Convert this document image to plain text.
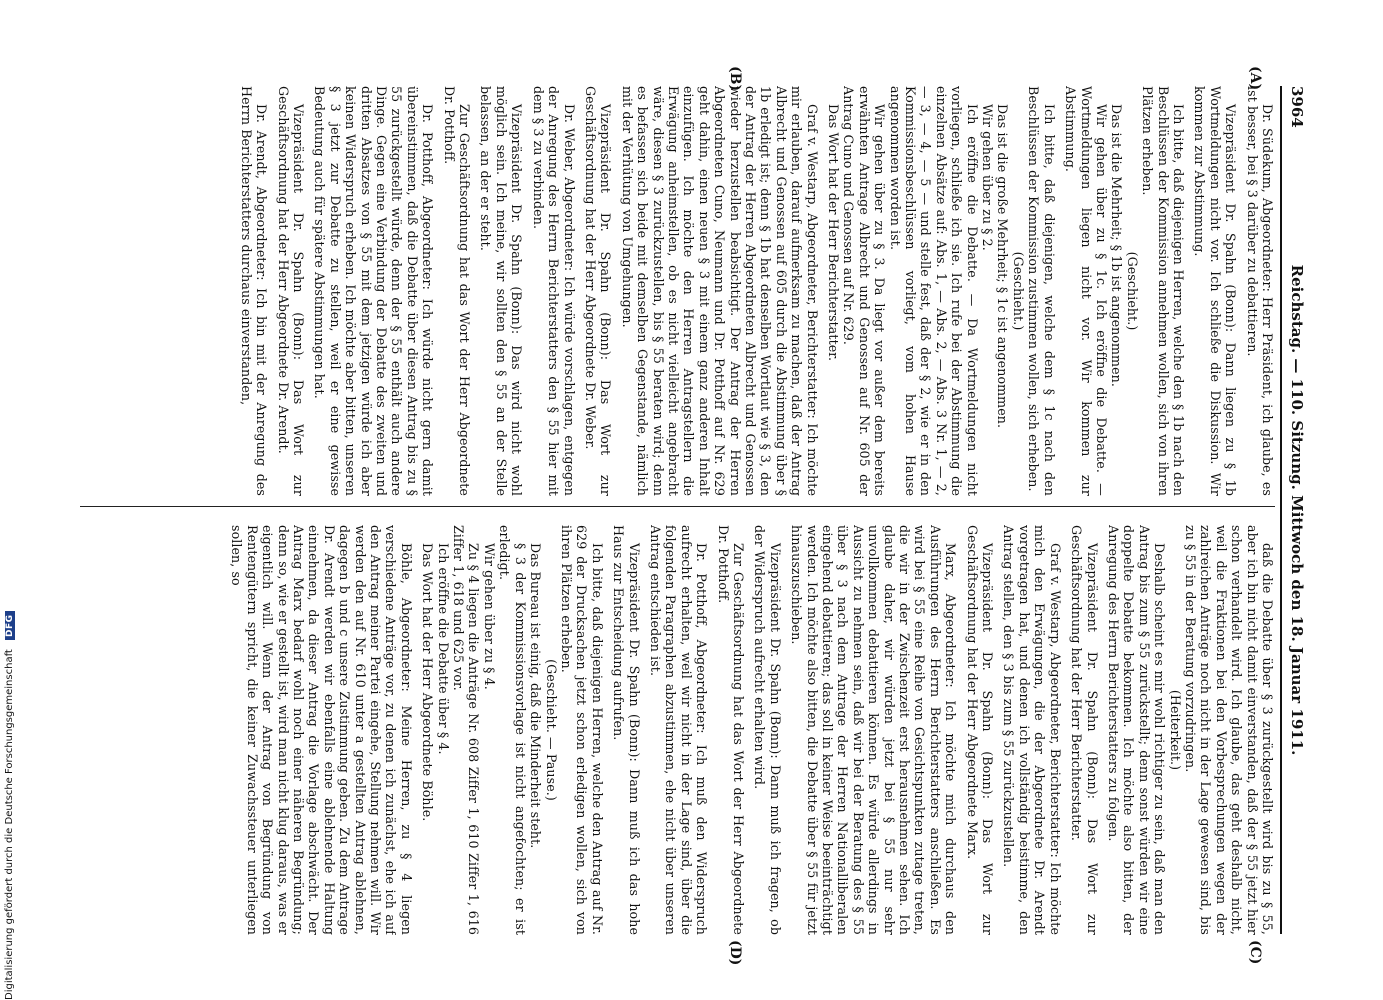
3964
Reichstag. — 110. Sitzung. Mittwoch den 18. Januar 1911.
(A)
(B)
(C)
(D)

Dr. Südekum, Abgeordneter: Herr Präsident, ich glaube, es ist besser, bei § 3 darüber zu debattieren.

Vizepräsident Dr. Spahn (Bonn): Dann liegen zu § 1b Wortmeldungen nicht vor. Ich schließe die Diskussion. Wir kommen zur Abstimmung.

Ich bitte, daß diejenigen Herren, welche den § 1b nach den Beschlüssen der Kommission annehmen wollen, sich von ihren Plätzen erheben.

(Geschieht.)

Das ist die Mehrheit; § 1b ist angenommen.

Wir gehen über zu § 1c. Ich eröffne die Debatte. — Wortmeldungen liegen nicht vor. Wir kommen zur Abstimmung.

Ich bitte, daß diejenigen, welche dem § 1c nach den Beschlüssen der Kommission zustimmen wollen, sich erheben.

(Geschieht.)

Das ist die große Mehrheit; § 1c ist angenommen.

Wir gehen über zu § 2.

Ich eröffne die Debatte. — Da Wortmeldungen nicht vorliegen, schließe ich sie. Ich rufe bei der Abstimmung die einzelnen Absätze auf: Abs. 1, — Abs. 2, — Abs. 3 Nr. 1, — 2, — 3, — 4, — 5 — und stelle fest, daß der § 2, wie er in den Kommissionsbeschlüssen vorliegt, vom hohen Hause angenommen worden ist.

Wir gehen über zu § 3. Da liegt vor außer dem bereits erwähnten Antrage Albrecht und Genossen auf Nr. 605 der Antrag Cuno und Genossen auf Nr. 629.

Das Wort hat der Herr Berichterstatter.

Graf v. Westarp, Abgeordneter, Berichterstatter: Ich möchte mir erlauben, darauf aufmerksam zu machen, daß der Antrag Albrecht und Genossen auf 605 durch die Abstimmung über § 1b erledigt ist; denn § 1b hat denselben Wortlaut wie § 3, den der Antrag der Herren Abgeordneten Albrecht und Genossen wieder herzustellen beabsichtigt. Der Antrag der Herren Abgeordneten Cuno, Neumann und Dr. Potthoff auf Nr. 629 geht dahin, einen neuen § 3 mit einem ganz anderen Inhalt einzufügen. Ich möchte den Herren Antragstellern die Erwägung anheimstellen, ob es nicht vielleicht angebracht wäre, diesen § 3 zurückzustellen, bis § 55 beraten wird; denn es befassen sich beide mit demselben Gegenstande, nämlich mit der Verhütung von Umgehungen.

Vizepräsident Dr. Spahn (Bonn): Das Wort zur Geschäftsordnung hat der Herr Abgeordnete Dr. Weber.

Dr. Weber, Abgeordneter: Ich würde vorschlagen, entgegen der Anregung des Herrn Berichterstatters den § 55 hier mit dem § 3 zu verbinden.

Vizepräsident Dr. Spahn (Bonn): Das wird nicht wohl möglich sein. Ich meine, wir sollten den § 55 an der Stelle belassen, an der er steht.

Zur Geschäftsordnung hat das Wort der Herr Abgeordnete Dr. Potthoff.

Dr. Potthoff, Abgeordneter: Ich würde nicht gern damit übereinstimmen, daß die Debatte über diesen Antrag bis zu § 55 zurückgestellt würde, denn der § 55 enthält auch andere Dinge. Gegen eine Verbindung der Debatte des zweiten und dritten Absatzes von § 55 mit dem jetzigen würde ich aber keinen Widerspruch erheben. Ich möchte aber bitten, unseren § 3 jetzt zur Debatte zu stellen, weil er eine gewisse Bedeutung auch für spätere Abstimmungen hat.

Vizepräsident Dr. Spahn (Bonn): Das Wort zur Geschäftsordnung hat der Herr Abgeordnete Dr. Arendt.

Dr. Arendt, Abgeordneter: Ich bin mit der Anregung des Herrn Berichterstatters durchaus einverstanden,

daß die Debatte über § 3 zurückgestellt wird bis zu § 55, aber ich bin nicht damit einverstanden, daß der § 55 jetzt hier schon verhandelt wird. Ich glaube, das geht deshalb nicht, weil die Fraktionen bei den Vorbesprechungen wegen der zahlreichen Anträge noch nicht in der Lage gewesen sind, bis zu § 55 in der Beratung vorzudringen.

(Heiterkeit.)

Deshalb scheint es mir wohl richtiger zu sein, daß man den Antrag bis zum § 55 zurückstellt; denn sonst würden wir eine doppelte Debatte bekommen. Ich möchte also bitten, der Anregung des Herrn Berichterstatters zu folgen.

Vizepräsident Dr. Spahn (Bonn): Das Wort zur Geschäftsordnung hat der Herr Berichterstatter.

Graf v. Westarp, Abgeordneter, Berichterstatter: Ich möchte mich den Erwägungen, die der Abgeordnete Dr. Arendt vorgetragen hat, und denen ich vollständig beistimme, den Antrag stellen, den § 3 bis zum § 55 zurückzustellen.

Vizepräsident Dr. Spahn (Bonn): Das Wort zur Geschäftsordnung hat der Herr Abgeordnete Marx.

Marx, Abgeordneter: Ich möchte mich durchaus den Ausführungen des Herrn Berichterstatters anschließen. Es wird bei § 55 eine Reihe von Gesichtspunkten zutage treten, die wir in der Zwischenzeit erst herausnehmen sehen. Ich glaube daher, wir würden jetzt bei § 55 nur sehr unvollkommen debattieren können. Es würde allerdings in Aussicht zu nehmen sein, daß wir bei der Beratung des § 55 über § 3 nach dem Antrage der Herren Nationalliberalen eingehend debattieren; das soll in keiner Weise beeinträchtigt werden. Ich möchte also bitten, die Debatte über § 55 für jetzt hinauszuschieben.

Vizepräsident Dr. Spahn (Bonn): Dann muß ich fragen, ob der Widerspruch aufrecht erhalten wird.

Zur Geschäftsordnung hat das Wort der Herr Abgeordnete Dr. Potthoff.

Dr. Potthoff, Abgeordneter: Ich muß den Widerspruch aufrecht erhalten, weil wir nicht in der Lage sind, über die folgenden Paragraphen abzustimmen, ehe nicht über unseren Antrag entschieden ist.

Vizepräsident Dr. Spahn (Bonn): Dann muß ich das hohe Haus zur Entscheidung aufrufen.

Ich bitte, daß diejenigen Herren, welche den Antrag auf Nr. 629 der Drucksachen jetzt schon erledigen wollen, sich von ihren Plätzen erheben.

(Geschieht. — Pause.)

Das Bureau ist einig, daß die Minderheit steht.

§ 3 der Kommissionsvorlage ist nicht angefochten; er ist erledigt.

Wir gehen über zu § 4.

Zu § 4 liegen die Anträge Nr. 608 Ziffer 1, 610 Ziffer 1, 616 Ziffer 1, 618 und 625 vor.

Ich eröffne die Debatte über § 4.

Das Wort hat der Herr Abgeordnete Böhle.

Böhle, Abgeordneter: Meine Herren, zu § 4 liegen verschiedene Anträge vor, zu denen ich zunächst, ehe ich auf den Antrag meiner Partei eingehe, Stellung nehmen will. Wir werden den auf Nr. 610 unter a gestellten Antrag ablehnen, dagegen b und c unsere Zustimmung geben. Zu dem Antrage Dr. Arendt werden wir ebenfalls eine ablehnende Haltung einnehmen, da dieser Antrag die Vorlage abschwächt. Der Antrag Marx bedarf wohl noch einer näheren Begründung; denn so, wie er gestellt ist, wird man nicht klug daraus, was er eigentlich will. Wenn der Antrag von Begründung von Rentengütern spricht, die keiner Zuwachssteuer unterliegen sollen, so

Digitalisierung gefördert durch die Deutsche Forschungsgemeinschaft DFG
